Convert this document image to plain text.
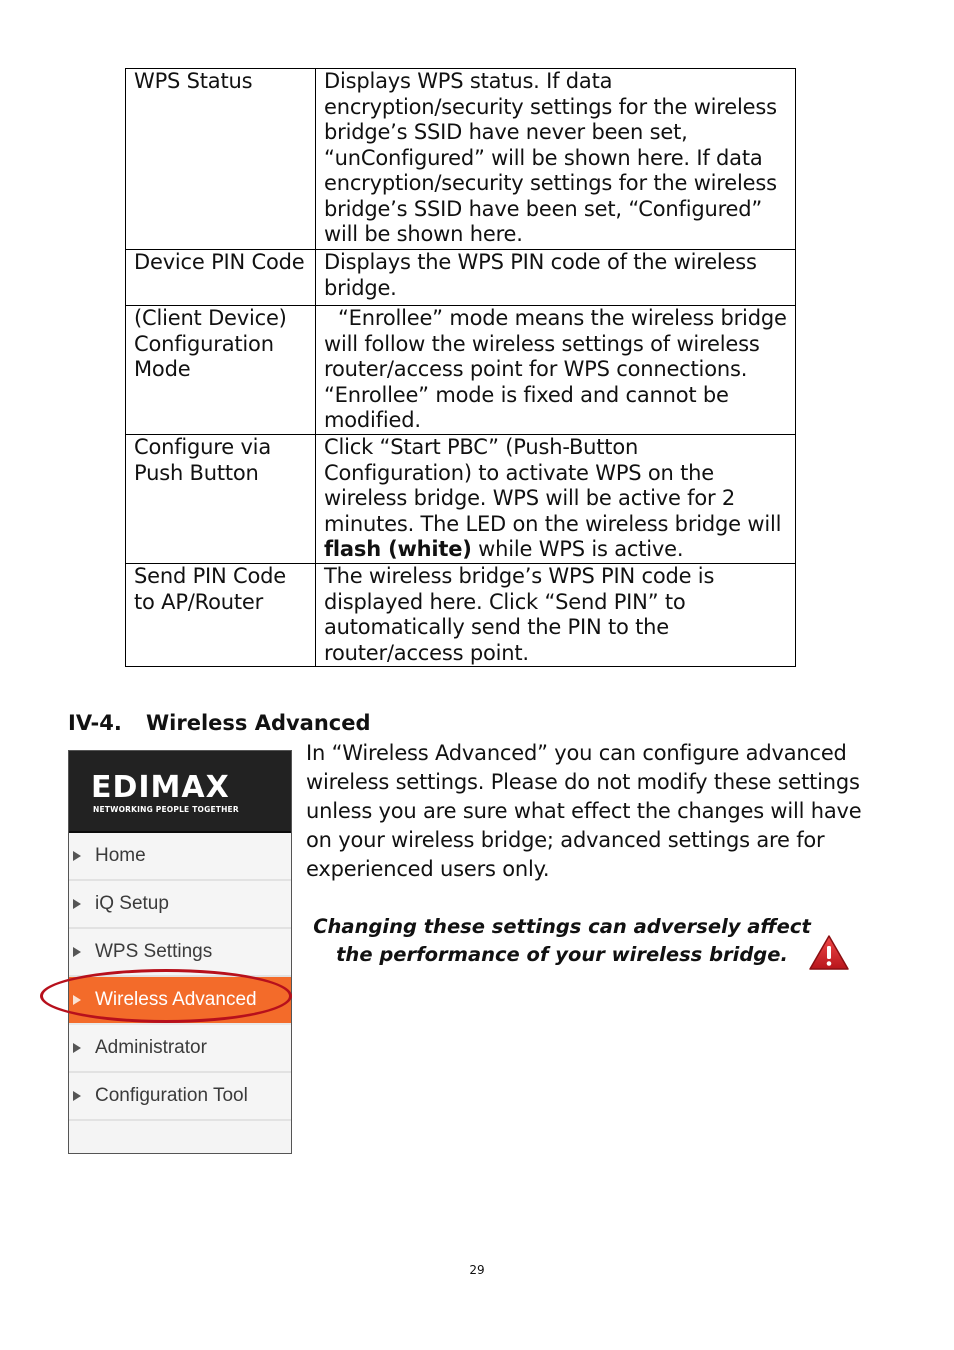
WPS Status	Displays WPS status. If data encryption/security settings for the wireless bridge’s SSID have never been set, “unConfigured” will be shown here. If data encryption/security settings for the wireless bridge’s SSID have been set, “Configured” will be shown here.
Device PIN Code	Displays the WPS PIN code of the wireless bridge.
(Client Device) Configuration Mode	“Enrollee” mode means the wireless bridge will follow the wireless settings of wireless router/access point for WPS connections. “Enrollee” mode is fixed and cannot be modified.
Configure via Push Button	Click “Start PBC” (Push-Button Configuration) to activate WPS on the wireless bridge. WPS will be active for 2 minutes. The LED on the wireless bridge will flash (white) while WPS is active.
Send PIN Code to AP/Router	The wireless bridge’s WPS PIN code is displayed here. Click “Send PIN” to automatically send the PIN to the router/access point.
IV-4. Wireless Advanced
EDIMAX
NETWORKING PEOPLE TOGETHER
Home
iQ Setup
WPS Settings
Wireless Advanced
Administrator
Configuration Tool

In “Wireless Advanced” you can configure advanced wireless settings. Please do not modify these settings unless you are sure what effect the changes will have on your wireless bridge; advanced settings are for experienced users only.

Changing these settings can adversely affect the performance of your wireless bridge.

29
